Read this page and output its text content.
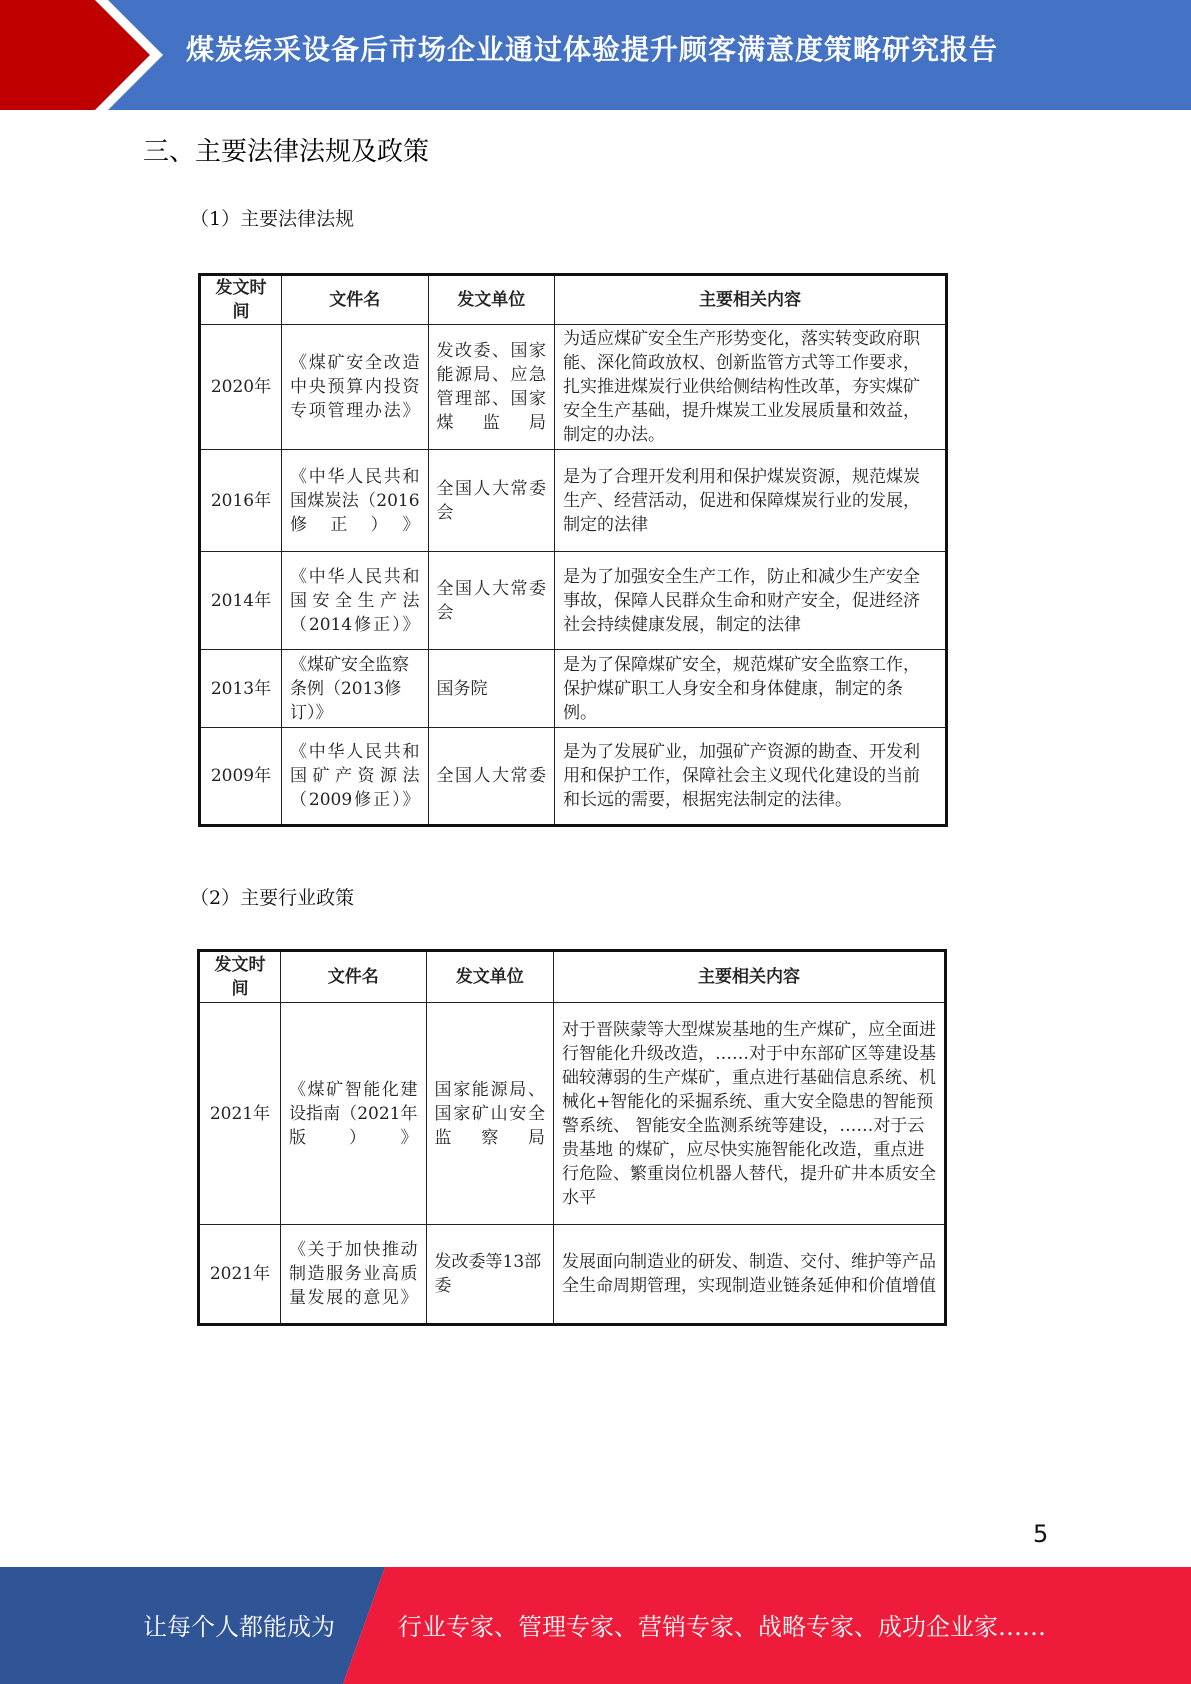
煤炭综采设备后市场企业通过体验提升顾客满意度策略研究报告
三、主要法律法规及政策
（1）主要法律法规
发文时间	文件名	发文单位	主要相关内容
2020年	《煤矿安全改造中央预算内投资专项管理办法》	发改委、国家能源局、应急管理部、国家煤监局	为适应煤矿安全生产形势变化，落实转变政府职能、深化简政放权、创新监管方式等工作要求，扎实推进煤炭行业供给侧结构性改革，夯实煤矿安全生产基础，提升煤炭工业发展质量和效益，制定的办法。
2016年	《中华人民共和国煤炭法（2016修正）》	全国人大常委会	是为了合理开发利用和保护煤炭资源，规范煤炭生产、经营活动，促进和保障煤炭行业的发展，制定的法律
2014年	《中华人民共和国安全生产法（2014修正）》	全国人大常委会	是为了加强安全生产工作，防止和减少生产安全事故，保障人民群众生命和财产安全，促进经济社会持续健康发展，制定的法律
2013年	《煤矿安全监察条例（2013修订）》	国务院	是为了保障煤矿安全，规范煤矿安全监察工作，保护煤矿职工人身安全和身体健康，制定的条例。
2009年	《中华人民共和国矿产资源法（2009修正）》	全国人大常委	是为了发展矿业，加强矿产资源的勘查、开发利用和保护工作，保障社会主义现代化建设的当前和长远的需要，根据宪法制定的法律。
（2）主要行业政策
发文时间	文件名	发文单位	主要相关内容
2021年	《煤矿智能化建设指南（2021年版）》	国家能源局、国家矿山安全监察局	对于晋陕蒙等大型煤炭基地的生产煤矿，应全面进行智能化升级改造，……对于中东部矿区等建设基础较薄弱的生产煤矿，重点进行基础信息系统、机械化+智能化的采掘系统、重大安全隐患的智能预警系统、 智能安全监测系统等建设，……对于云贵基地 的煤矿，应尽快实施智能化改造，重点进行危险、繁重岗位机器人替代，提升矿井本质安全水平
2021年	《关于加快推动制造服务业高质量发展的意见》	发改委等13部委	发展面向制造业的研发、制造、交付、维护等产品全生命周期管理，实现制造业链条延伸和价值增值
5
让每个人都能成为	行业专家、管理专家、营销专家、战略专家、成功企业家……
